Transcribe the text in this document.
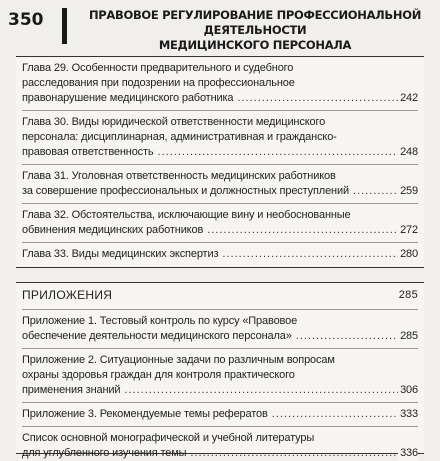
350	ПРАВОВОЕ РЕГУЛИРОВАНИЕ ПРОФЕССИОНАЛЬНОЙ ДЕЯТЕЛЬНОСТИ
МЕДИЦИНСКОГО ПЕРСОНАЛА
Глава 29. Особенности предварительного и судебного
расследования при подозрении на профессиональное
правонарушение медицинского работника .....	242
Глава 30. Виды юридической ответственности медицинского
персонала: дисциплинарная, административная и гражданско-
правовая ответственность .....	248
Глава 31. Уголовная ответственность медицинских работников
за совершение профессиональных и должностных преступлений .....	259
Глава 32. Обстоятельства, исключающие вину и необоснованные
обвинения медицинских работников .....	272
Глава 33. Виды медицинских экспертиз .....	280
ПРИЛОЖЕНИЯ	285
Приложение 1. Тестовый контроль по курсу «Правовое
обеспечение деятельности медицинского персонала» .....	285
Приложение 2. Ситуационные задачи по различным вопросам
охраны здоровья граждан для контроля практического
применения знаний .....	306
Приложение 3. Рекомендуемые темы рефератов .....	333
Список основной монографической и учебной литературы
для углубленного изучения темы .....	336
